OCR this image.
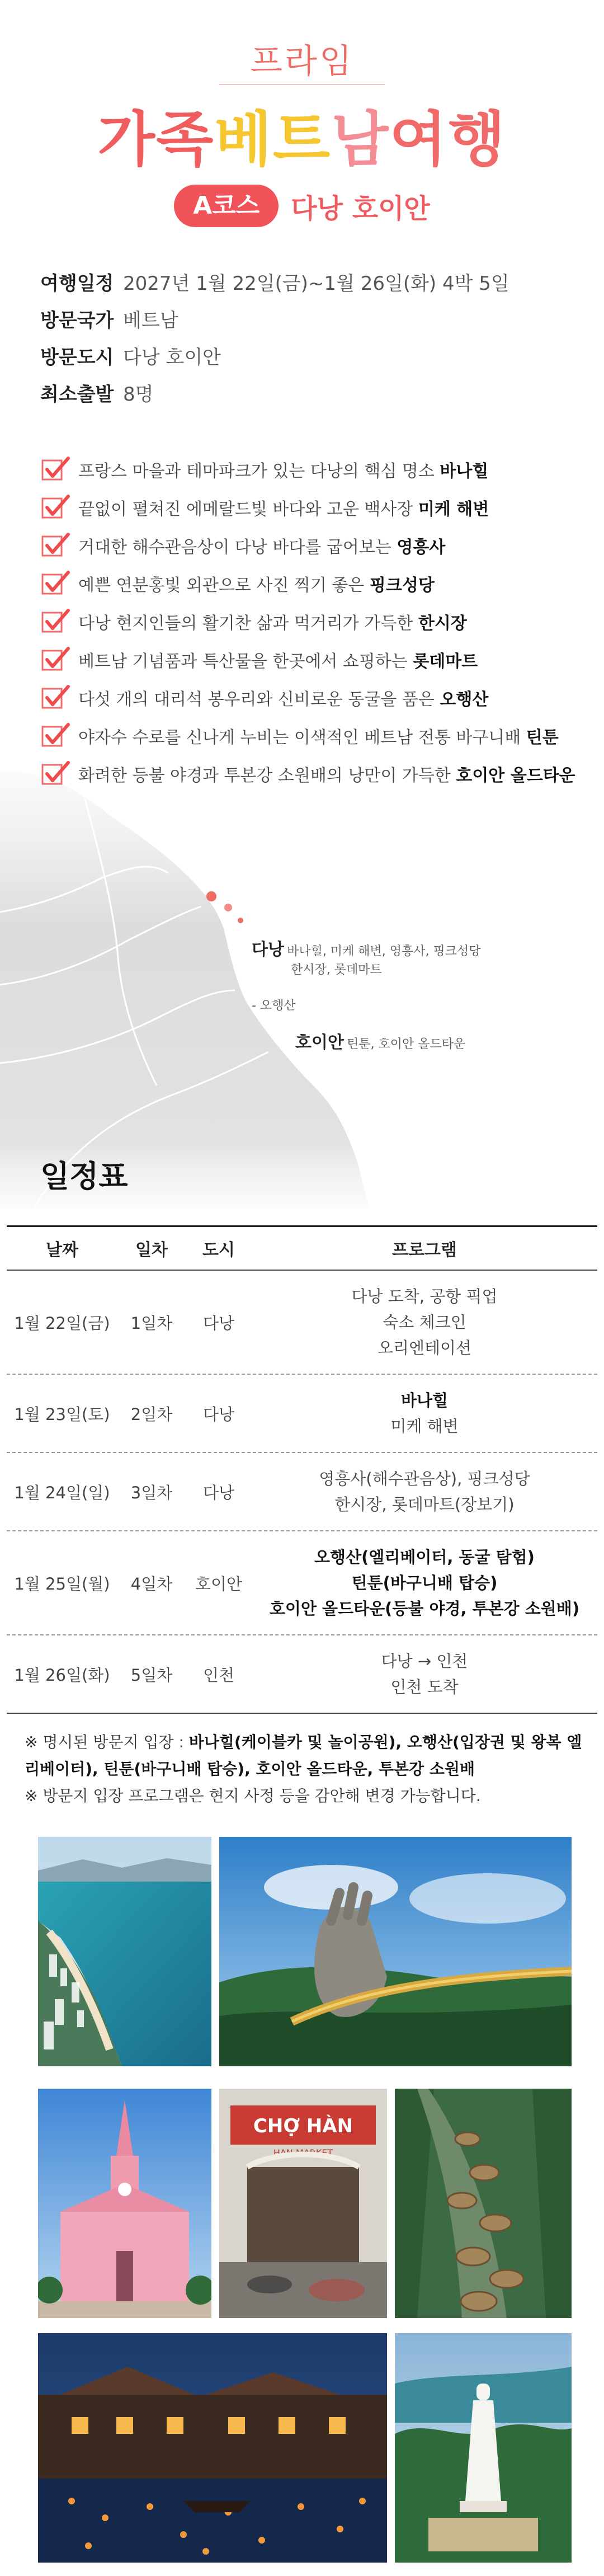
프라임
가족베트남여행
A코스	다낭 호이안
여행일정 2027년 1월 22일(금)~1월 26일(화) 4박 5일
방문국가 베트남
방문도시 다낭 호이안
최소출발 8명
프랑스 마을과 테마파크가 있는 다낭의 핵심 명소 바나힐
끝없이 펼쳐진 에메랄드빛 바다와 고운 백사장 미케 해변
거대한 해수관음상이 다낭 바다를 굽어보는 영흥사
예쁜 연분홍빛 외관으로 사진 찍기 좋은 핑크성당
다낭 현지인들의 활기찬 삶과 먹거리가 가득한 한시장
베트남 기념품과 특산물을 한곳에서 쇼핑하는 롯데마트
다섯 개의 대리석 봉우리와 신비로운 동굴을 품은 오행산
야자수 수로를 신나게 누비는 이색적인 베트남 전통 바구니배 틴툰
화려한 등불 야경과 투본강 소원배의 낭만이 가득한 호이안 올드타운
다낭 바나힐, 미케 해변, 영흥사, 핑크성당
한시장, 롯데마트
- 오행산
호이안 틴툰, 호이안 올드타운
일정표
날짜	일차	도시	프로그램
1월 22일(금)	1일차	다낭
다낭 도착, 공항 픽업
숙소 체크인
오리엔테이션
1월 23일(토)	2일차	다낭
바나힐
미케 해변
1월 24일(일)	3일차	다낭
영흥사(해수관음상), 핑크성당
한시장, 롯데마트(장보기)
1월 25일(월)	4일차	호이안
오행산(엘리베이터, 동굴 탐험)
틴툰(바구니배 탑승)
호이안 올드타운(등불 야경, 투본강 소원배)
1월 26일(화)	5일차	인천
다낭 → 인천
인천 도착
※ 명시된 방문지 입장 : 바나힐(케이블카 및 놀이공원), 오행산(입장권 및 왕복 엘리베이터), 틴툰(바구니배 탑승), 호이안 올드타운, 투본강 소원배
※ 방문지 입장 프로그램은 현지 사정 등을 감안해 변경 가능합니다.
CHỢ HÀN
HAN MARKET
